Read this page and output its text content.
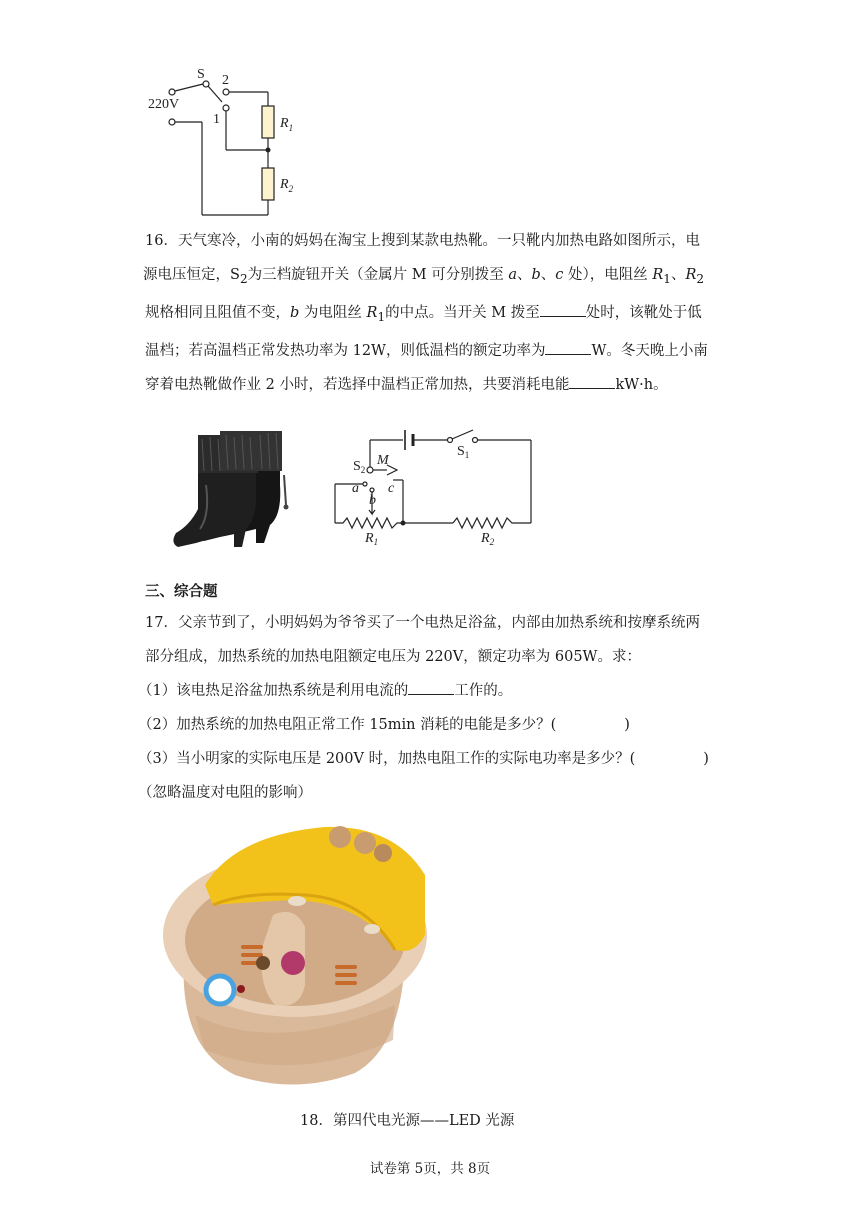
S 2
1
220V
$R_1$
$R_2$
16．天气寒冷，小南的妈妈在淘宝上搜到某款电热靴。一只靴内加热电路如图所示，电
源电压恒定，$S_2$为三档旋钮开关（金属片 M 可分别拨至 a、b、c 处），电阻丝 $R_1$、$R_2$
规格相同且阻值不变，b 为电阻丝 $R_1$的中点。当开关 M 拨至	处时，该靴处于低
温档；若高温档正常发热功率为 12W，则低温档的额定功率为	W。冬天晚上小南
穿着电热靴做作业 2 小时，若选择中温档正常加热，共要消耗电能	kW·h。
$S_1$
$S_2$
M
a
b
c
$R_1$	$R_2$
三、综合题
17．父亲节到了，小明妈妈为爷爷买了一个电热足浴盆，内部由加热系统和按摩系统两
部分组成，加热系统的加热电阻额定电压为 220V，额定功率为 605W。求：
（1）该电热足浴盆加热系统是利用电流的	工作的。
（2）加热系统的加热电阻正常工作 15min 消耗的电能是多少？(	)
（3）当小明家的实际电压是 200V 时，加热电阻工作的实际电功率是多少？(	)
（忽略温度对电阻的影响）
18．第四代电光源——LED 光源
试卷第 5页，共 8页
